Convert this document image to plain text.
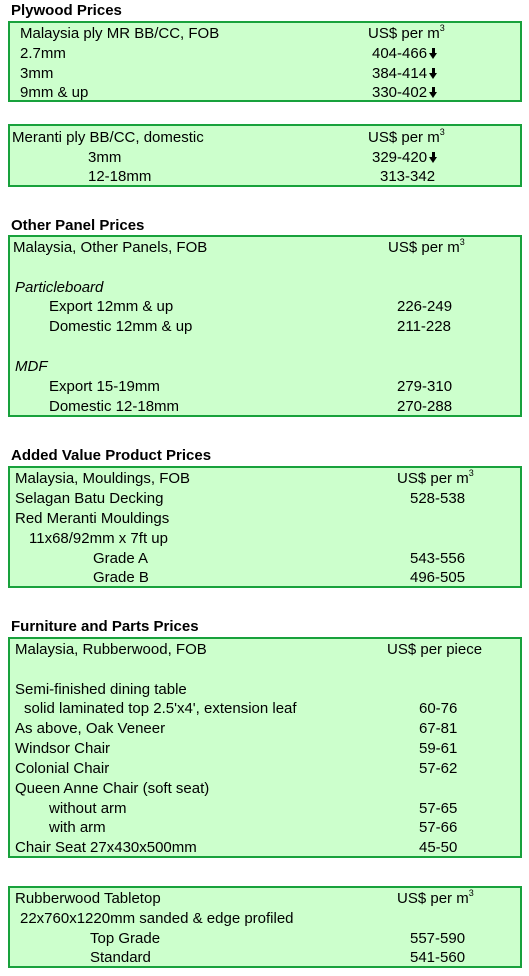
Plywood Prices
Malaysia ply MR BB/CC, FOB	US$ per $m^3$
2.7mm	404-466
3mm	384-414
9mm & up	330-402
Meranti ply BB/CC, domestic	US$ per $m^3$
3mm	329-420
12-18mm	313-342
Other Panel Prices
Malaysia, Other Panels, FOB	US$ per $m^3$
Particleboard
Export 12mm & up	226-249
Domestic 12mm & up	211-228
MDF
Export 15-19mm	279-310
Domestic 12-18mm	270-288
Added Value Product Prices
Malaysia, Mouldings, FOB	US$ per $m^3$
Selagan Batu Decking	528-538
Red Meranti Mouldings
11x68/92mm x 7ft up
Grade A	543-556
Grade B	496-505
Furniture and Parts Prices
Malaysia, Rubberwood, FOB	US$ per piece
Semi-finished dining table
solid laminated top 2.5'x4', extension leaf	60-76
As above, Oak Veneer	67-81
Windsor Chair	59-61
Colonial Chair	57-62
Queen Anne Chair (soft seat)
without arm	57-65
with arm	57-66
Chair Seat 27x430x500mm	45-50
Rubberwood Tabletop	US$ per $m^3$
22x760x1220mm sanded & edge profiled
Top Grade	557-590
Standard	541-560
